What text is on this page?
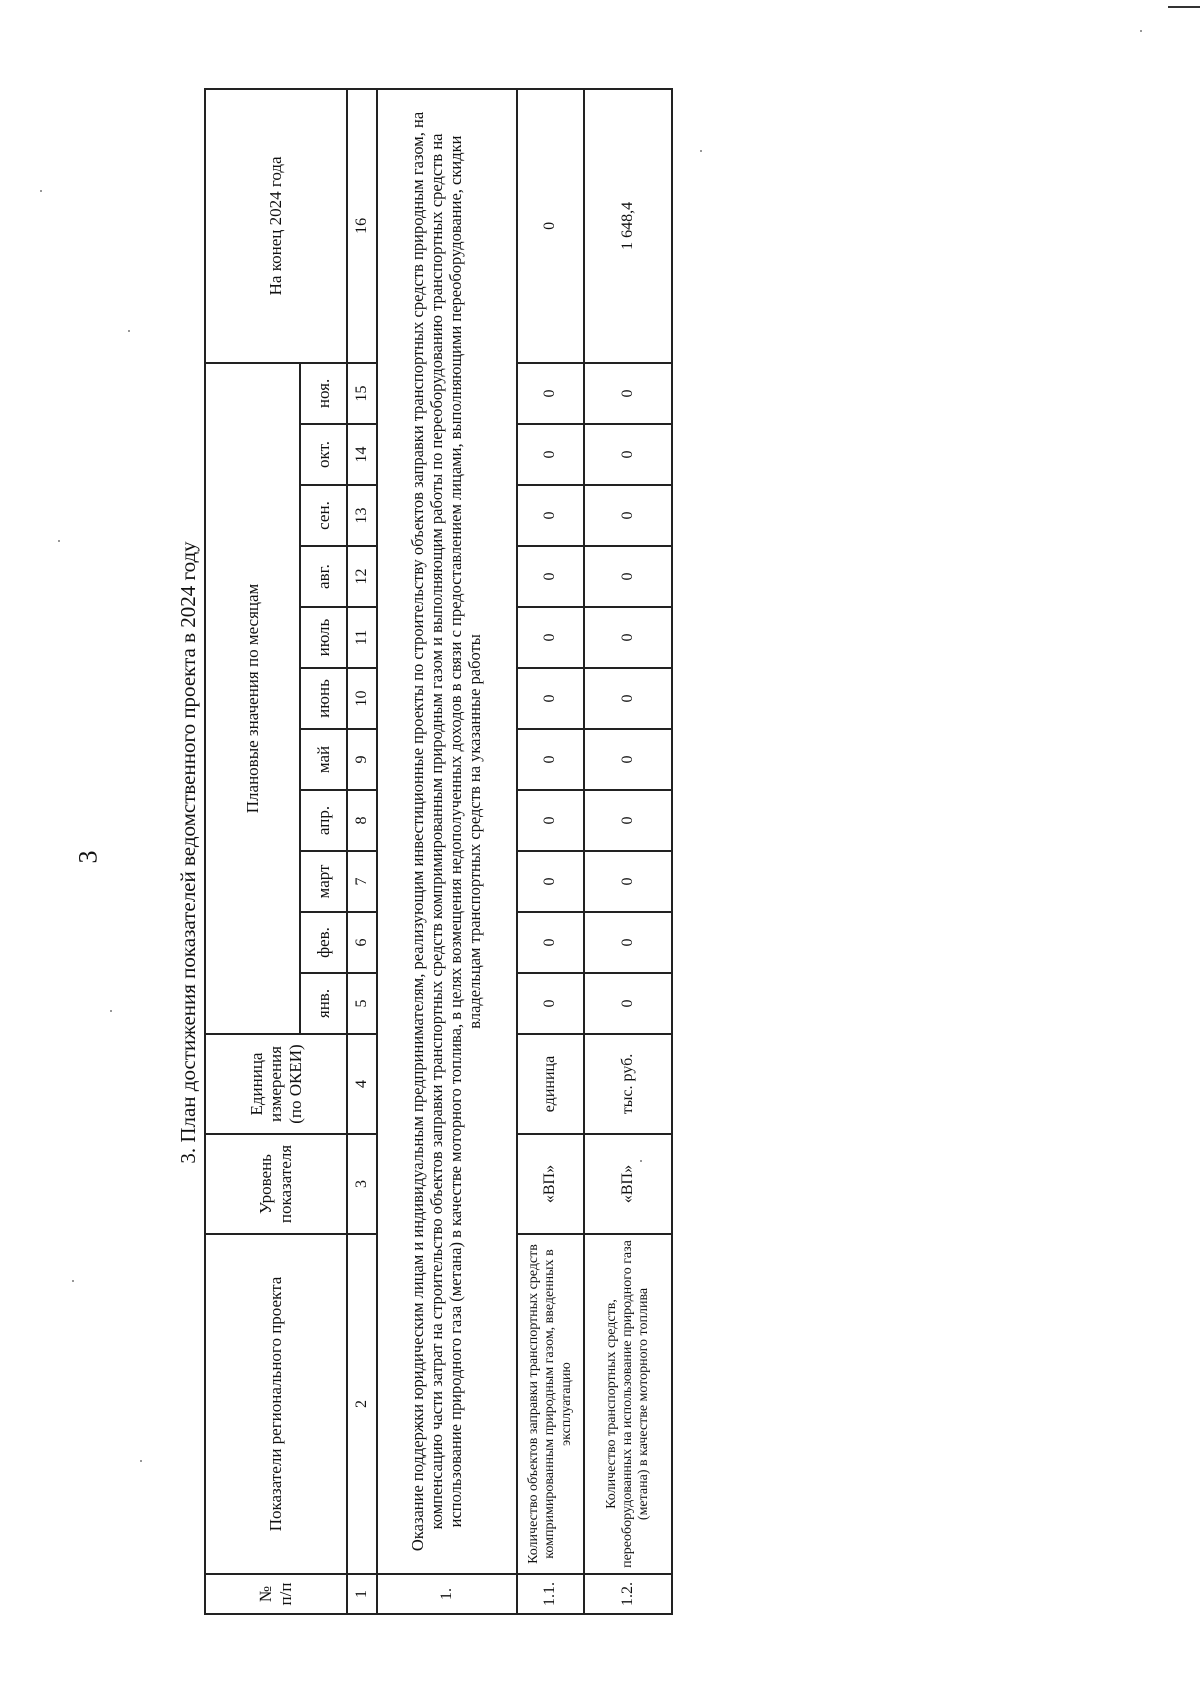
3	3. План достижения показателей ведомственного проекта в 2024 году
№ п/п	Показатели регионального проекта	Уровень показателя	Единица измерения (по ОКЕИ)	Плановые значения по месяцам											На конец 2024 года
				янв.	фев.	март	апр.	май	июнь	июль	авг.	сен.	окт.	ноя.	
1	2	3	4	5	6	7	8	9	10	11	12	13	14	15	16
1.	Оказание поддержки юридическим лицам и индивидуальным предпринимателям, реализующим инвестиционные проекты по строительству объектов заправки транспортных средств природным газом, на компенсацию части затрат на строительство объектов заправки транспортных средств компримированным природным газом и выполняющим работы по переоборудованию транспортных средств на использование природного газа (метана) в качестве моторного топлива, в целях возмещения недополученных доходов в связи с предоставлением лицами, выполняющими переоборудование, скидки владельцам транспортных средств на указанные работы														
1.1.	Количество объектов заправки транспортных средств компримированным природным газом, введенных в эксплуатацию	«ВП»	единица	0	0	0	0	0	0	0	0	0	0	0	0
1.2.	Количество транспортных средств, переоборудованных на использование природного газа (метана) в качестве моторного топлива	«ВП»	тыс. руб.	0	0	0	0	0	0	0	0	0	0	0	1 648,4
